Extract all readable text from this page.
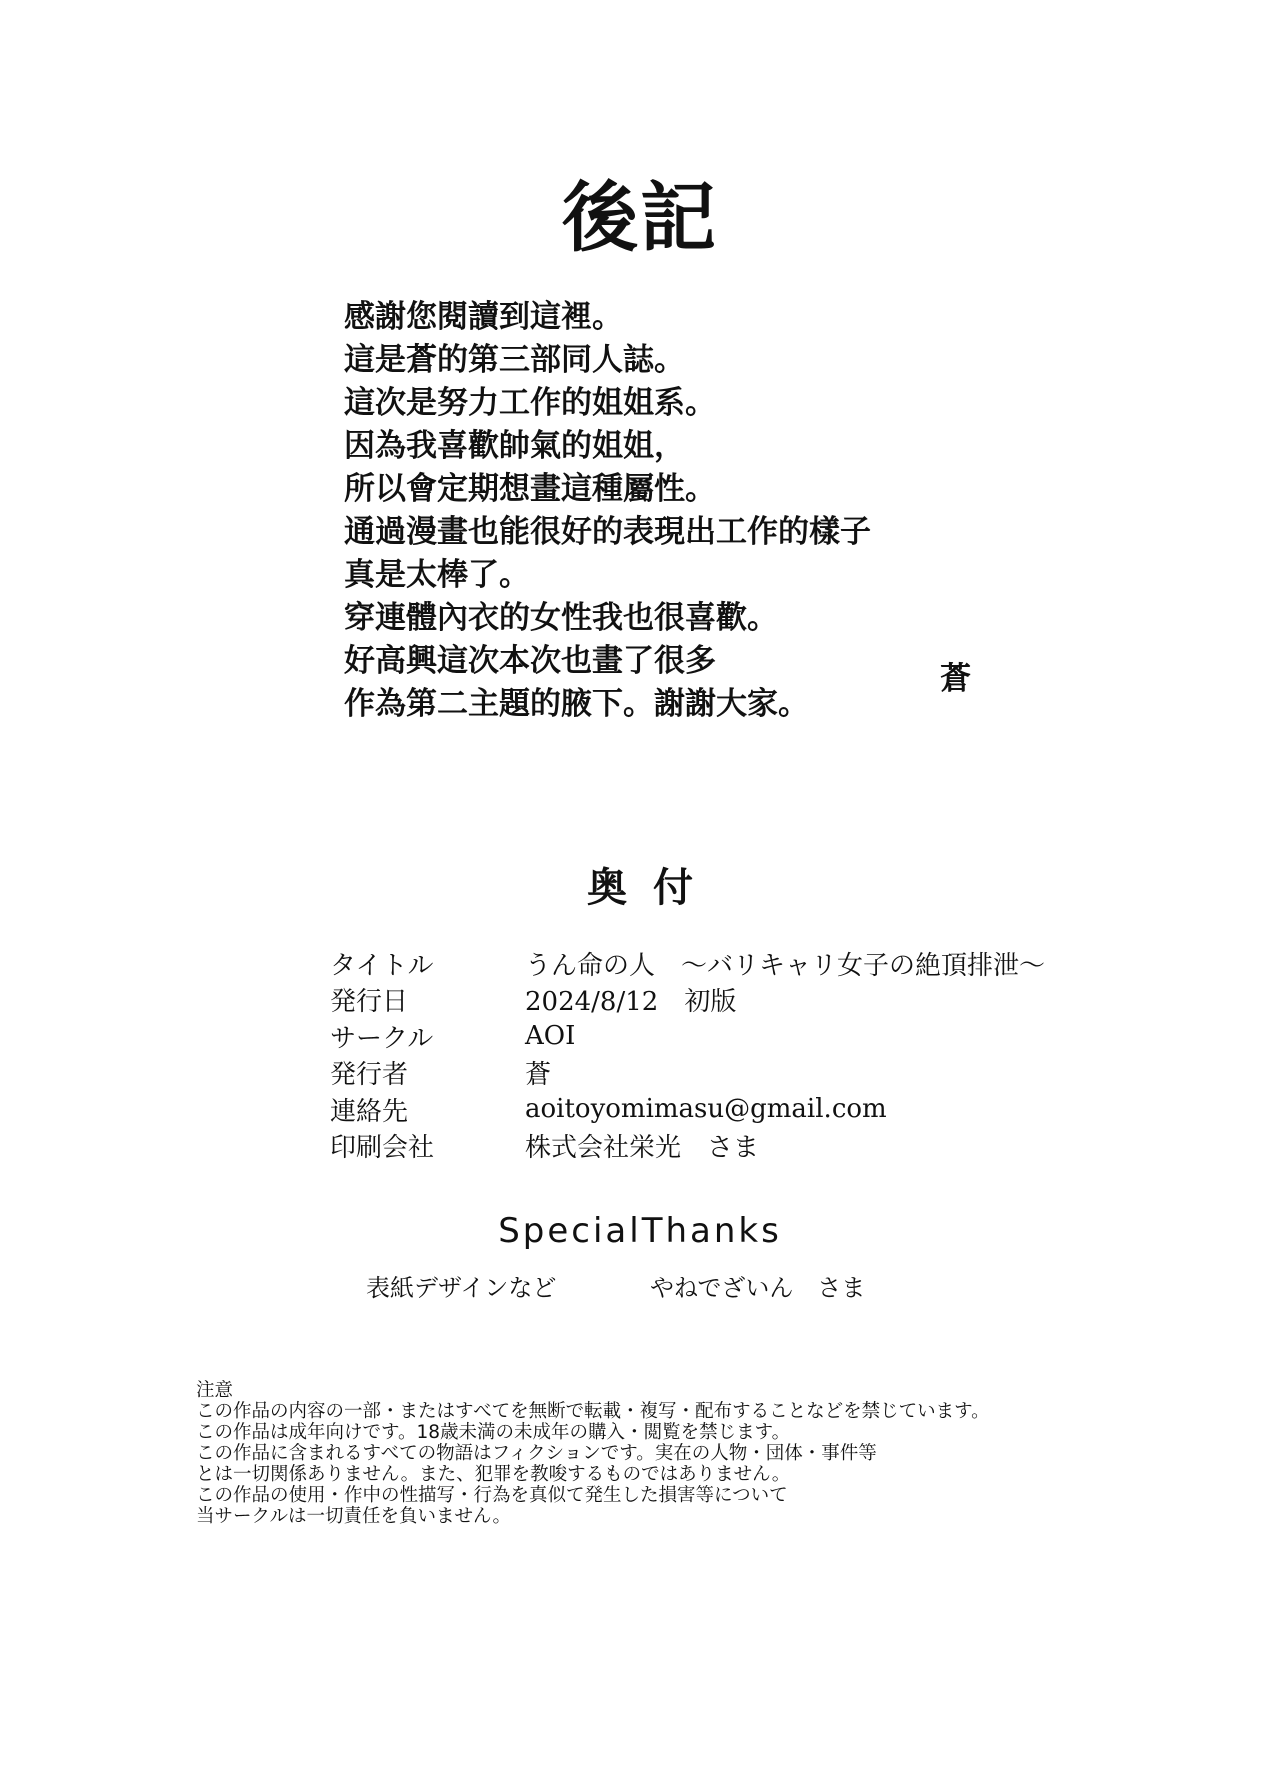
後記
感謝您閱讀到這裡。
這是蒼的第三部同人誌。
這次是努力工作的姐姐系。
因為我喜歡帥氣的姐姐，
所以會定期想畫這種屬性。
通過漫畫也能很好的表現出工作的樣子
真是太棒了。
穿連體內衣的女性我也很喜歡。
好高興這次本次也畫了很多
作為第二主題的腋下。謝謝大家。
蒼
奥付
タイトル	うん命の人　〜バリキャリ女子の絶頂排泄〜
発行日	2024/8/12　初版
サークル	AOI
発行者	蒼
連絡先	aoitoyomimasu@gmail.com
印刷会社	株式会社栄光　さま
SpecialThanks
表紙デザインなど	やねでざいん　さま
注意
この作品の内容の一部・またはすべてを無断で転載・複写・配布することなどを禁じています。
この作品は成年向けです。18歳未満の未成年の購入・閲覧を禁じます。
この作品に含まれるすべての物語はフィクションです。実在の人物・団体・事件等
とは一切関係ありません。また、犯罪を教唆するものではありません。
この作品の使用・作中の性描写・行為を真似て発生した損害等について
当サークルは一切責任を負いません。
